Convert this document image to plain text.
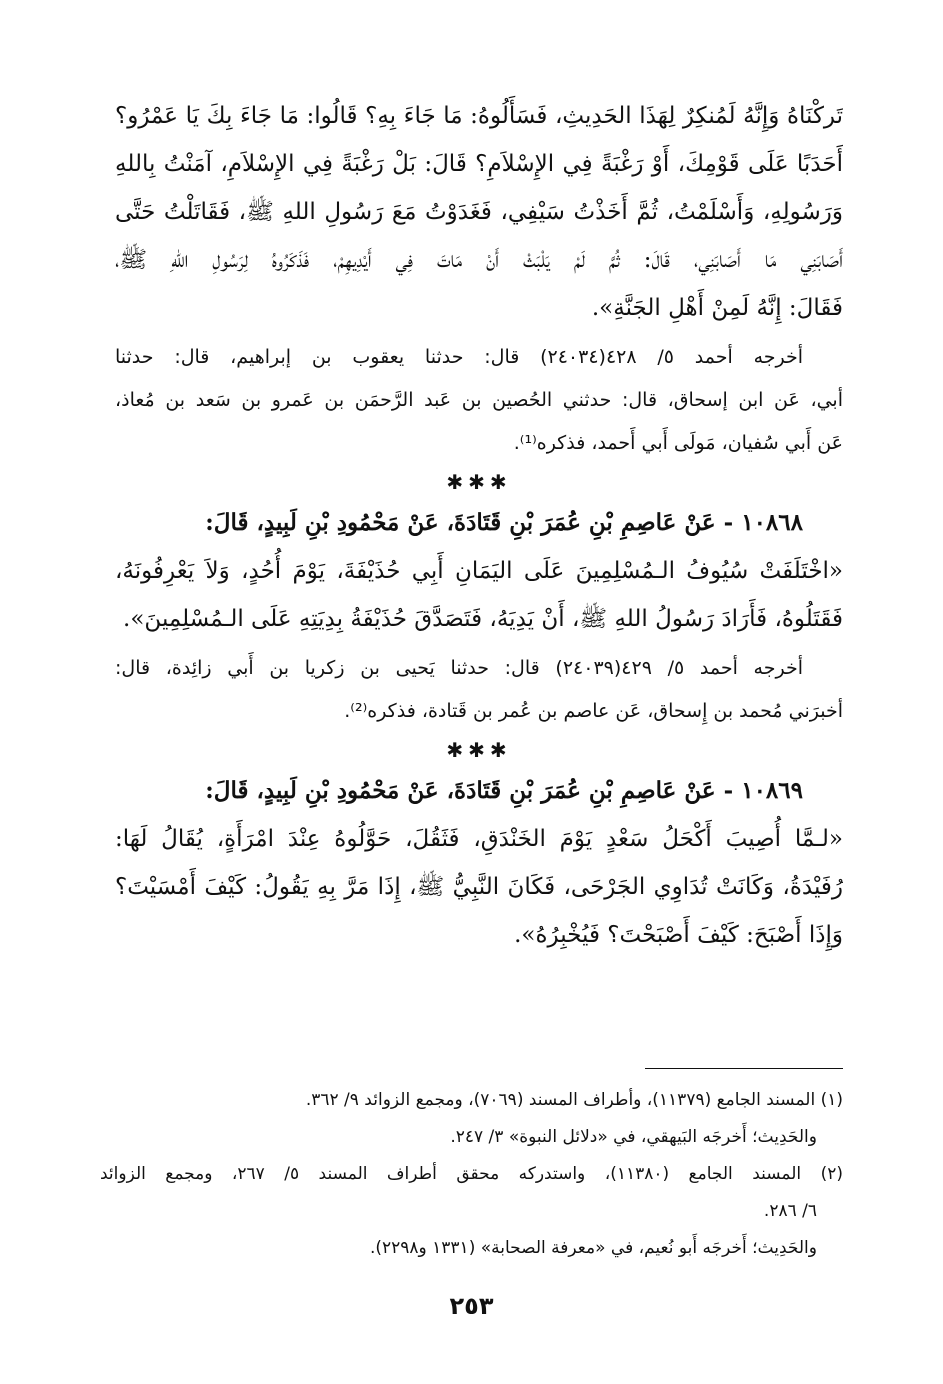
تَركْنَاهُ وَإِنَّهُ لَمُنكِرٌ لِهَذَا الحَدِيثِ، فَسَأَلُوهُ: مَا جَاءَ بِهِ؟ قَالُوا: مَا جَاءَ بِكَ يَا عَمْرُو؟
أَحَدَبًا عَلَى قَوْمِكَ، أَوْ رَغْبَةً فِي الإِسْلاَمِ؟ قَالَ: بَلْ رَغْبَةً فِي الإِسْلاَمِ، آمَنْتُ بِاللهِ
وَرَسُولِهِ، وَأَسْلَمْتُ، ثُمَّ أَخَذْتُ سَيْفِي، فَغَدَوْتُ مَعَ رَسُولِ اللهِ ﷺ، فَقَاتَلْتُ حَتَّى
أَصَابَنِي مَا أَصَابَنِي، قَالَ: ثُمَّ لَمْ يَلْبَثْ أَنْ مَاتَ فِي أَيْدِيهِمْ، فَذَكَرُوهُ لِرَسُولِ اللهِ ﷺ،
فَقَالَ: إِنَّهُ لَمِنْ أَهْلِ الجَنَّةِ».
أخرجه أحمد ٥/ ٤٢٨(٢٤٠٣٤) قال: حدثنا يعقوب بن إبراهيم، قال: حدثنا
أبي، عَن ابن إسحاق، قال: حدثني الحُصين بن عَبد الرَّحمَن بن عَمرو بن سَعد بن مُعاذ،
عَن أَبي سُفيان، مَولَى أَبي أَحمد، فذكره⁽¹⁾.
✱✱✱
١٠٨٦٨ - عَنْ عَاصِمِ بْنِ عُمَرَ بْنِ قَتَادَةَ، عَنْ مَحْمُودِ بْنِ لَبِيدٍ، قَالَ:
«اخْتَلَفَتْ سُيُوفُ الـمُسْلِمِينَ عَلَى اليَمَانِ أَبِي حُذَيْفَةَ، يَوْمَ أُحُدٍ، وَلاَ يَعْرِفُونَهُ،
فَقَتَلُوهُ، فَأَرَادَ رَسُولُ اللهِ ﷺ، أَنْ يَدِيَهُ، فَتَصَدَّقَ حُذَيْفَةُ بِدِيَتِهِ عَلَى الـمُسْلِمِينَ».
أخرجه أحمد ٥/ ٤٢٩(٢٤٠٣٩) قال: حدثنا يَحيى بن زكريا بن أَبي زائِدة، قال:
أخبرَني مُحمد بن إِسحاق، عَن عاصم بن عُمر بن قَتادة، فذكره⁽²⁾.
✱✱✱
١٠٨٦٩ - عَنْ عَاصِمِ بْنِ عُمَرَ بْنِ قَتَادَةَ، عَنْ مَحْمُودِ بْنِ لَبِيدٍ، قَالَ:
«لـمَّا أُصِيبَ أَكْحَلُ سَعْدٍ يَوْمَ الخَنْدَقِ، فَثَقُلَ، حَوَّلُوهُ عِنْدَ امْرَأَةٍ، يُقَالُ لَهَا:
رُفَيْدَةُ، وَكَانَتْ تُدَاوِي الجَرْحَى، فَكَانَ النَّبِيُّ ﷺ، إِذَا مَرَّ بِهِ يَقُولُ: كَيْفَ أَمْسَيْتَ؟
وَإِذَا أَصْبَحَ: كَيْفَ أَصْبَحْتَ؟ فَيُخْبِرُهُ».
(١) المسند الجامع (١١٣٧٩)، وأطراف المسند (٧٠٦٩)، ومجمع الزوائد ٩/ ٣٦٢.
والحَدِيث؛ أَخرجَه البَيهقي، في «دلائل النبوة» ٣/ ٢٤٧.
(٢) المسند الجامع (١١٣٨٠)، واستدركه محقق أطراف المسند ٥/ ٢٦٧، ومجمع الزوائد
٦/ ٢٨٦.
والحَدِيث؛ أَخرجَه أَبو نُعيم، في «معرفة الصحابة» (١٣٣١ و٢٢٩٨).
٢٥٣
